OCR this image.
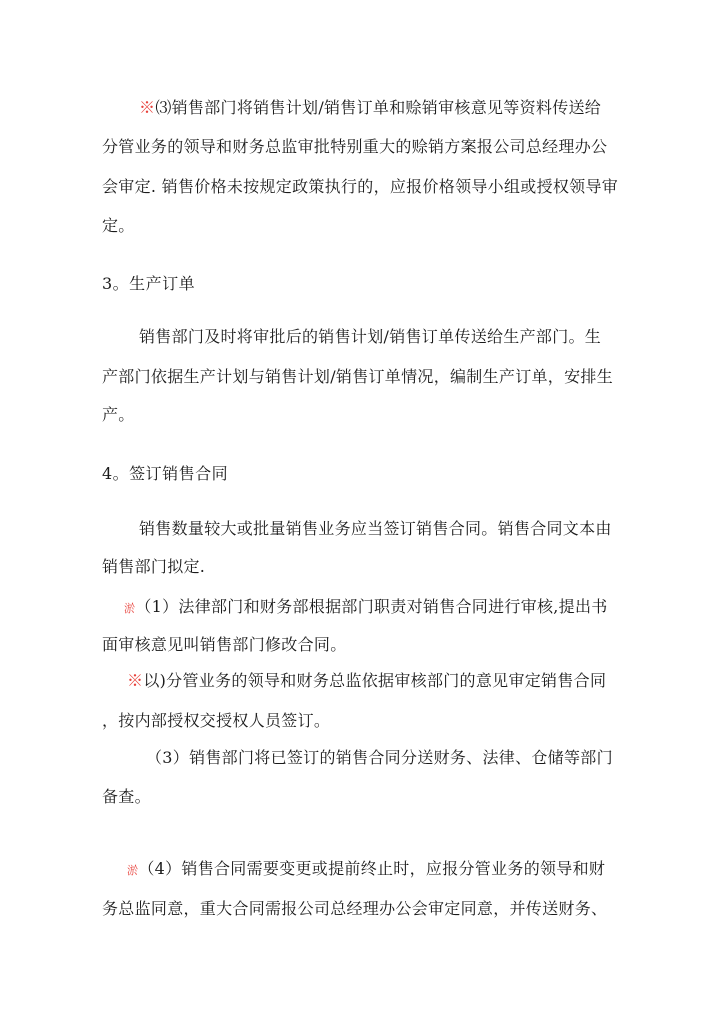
※⑶销售部门将销售计划/销售订单和赊销审核意见等资料传送给
分管业务的领导和财务总监审批特别重大的赊销方案报公司总经理办公
会审定. 销售价格未按规定政策执行的，应报价格领导小组或授权领导审
定。
3。生产订单
销售部门及时将审批后的销售计划/销售订单传送给生产部门。生
产部门依据生产计划与销售计划/销售订单情况，编制生产订单，安排生
产。
4。签订销售合同
销售数量较大或批量销售业务应当签订销售合同。销售合同文本由
销售部门拟定.
淤（1）法律部门和财务部根据部门职责对销售合同进行审核,提出书
面审核意见叫销售部门修改合同。
※以)分管业务的领导和财务总监依据审核部门的意见审定销售合同
，按内部授权交授权人员签订。
（3）销售部门将已签订的销售合同分送财务、法律、仓储等部门
备查。
淤（4）销售合同需要变更或提前终止时，应报分管业务的领导和财
务总监同意，重大合同需报公司总经理办公会审定同意，并传送财务、
